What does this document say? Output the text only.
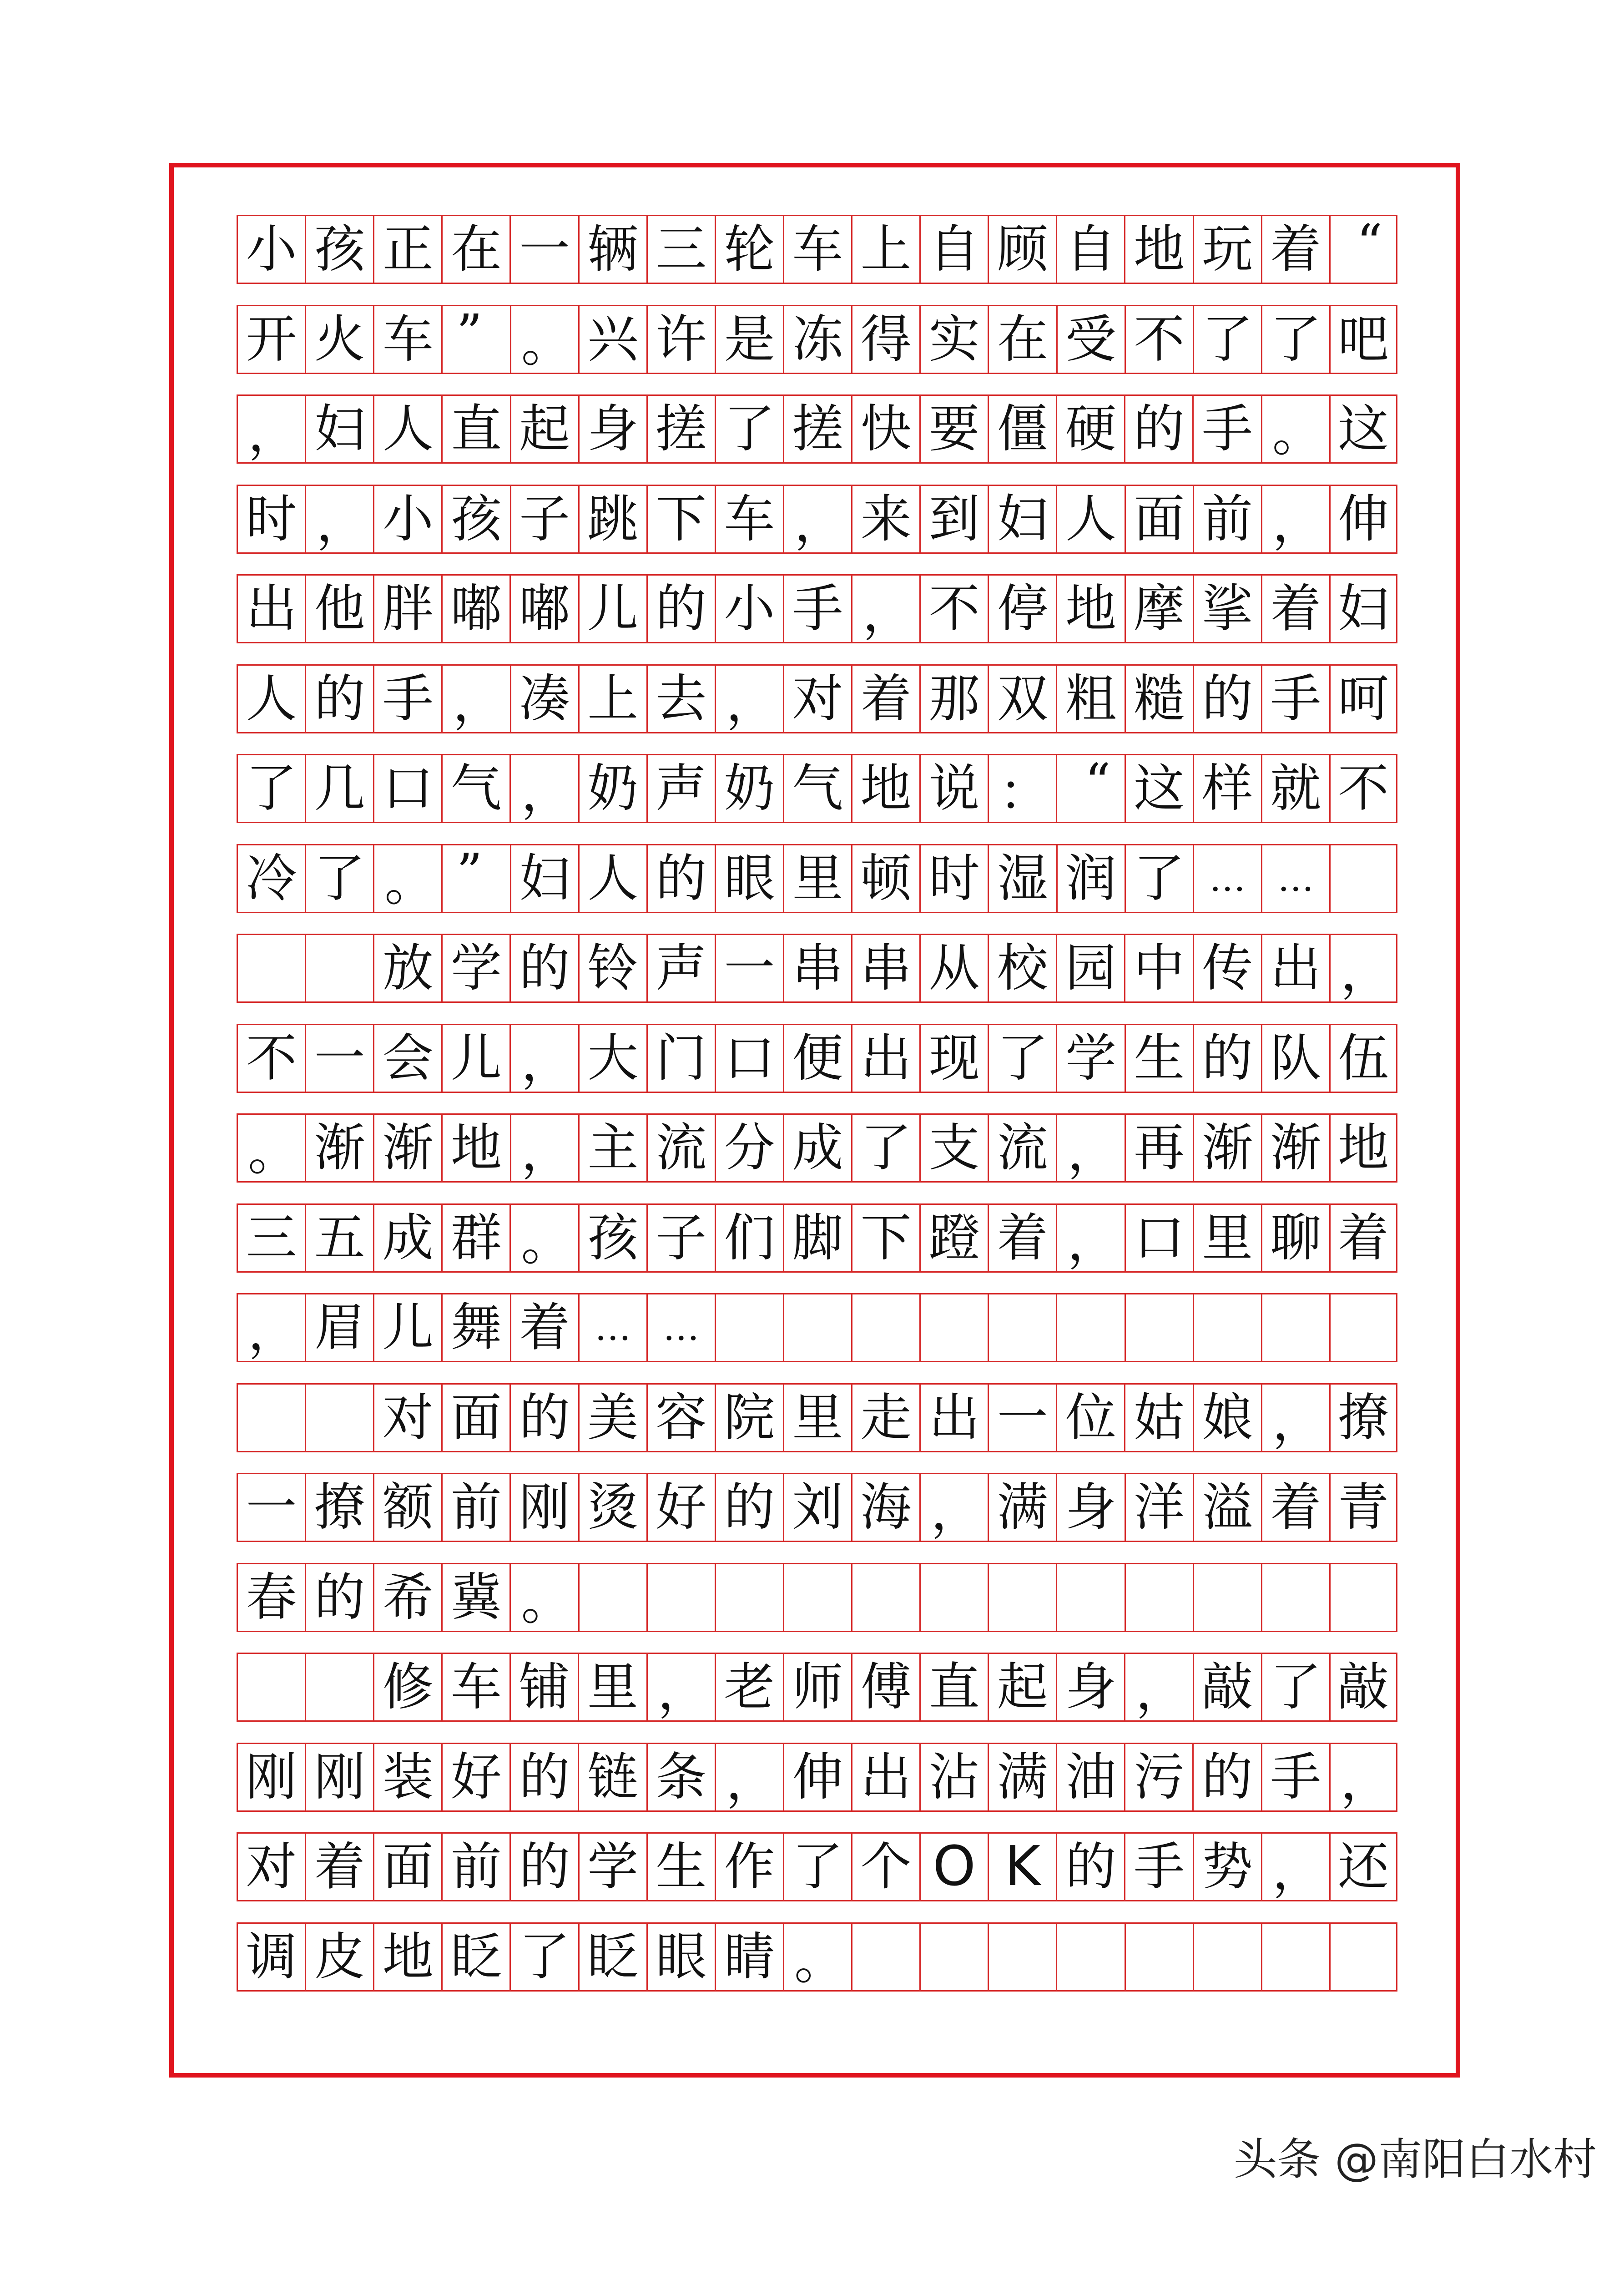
小 孩 正 在 一 辆 三 轮 车 上 自 顾 自 地 玩 着 “
开 火 车 ” 。 兴 许 是 冻 得 实 在 受 不 了 了 吧
， 妇 人 直 起 身 搓 了 搓 快 要 僵 硬 的 手 。 这
时 ， 小 孩 子 跳 下 车 ， 来 到 妇 人 面 前 ， 伸
出 他 胖 嘟 嘟 儿 的 小 手 ， 不 停 地 摩 挲 着 妇
人 的 手 ， 凑 上 去 ， 对 着 那 双 粗 糙 的 手 呵
了 几 口 气 ， 奶 声 奶 气 地 说 ： “ 这 样 就 不
冷 了 。 ” 妇 人 的 眼 里 顿 时 湿 润 了 … …
放 学 的 铃 声 一 串 串 从 校 园 中 传 出 ，
不 一 会 儿 ， 大 门 口 便 出 现 了 学 生 的 队 伍
。 渐 渐 地 ， 主 流 分 成 了 支 流 ， 再 渐 渐 地
三 五 成 群 。 孩 子 们 脚 下 蹬 着 ， 口 里 聊 着
， 眉 儿 舞 着 … …
对 面 的 美 容 院 里 走 出 一 位 姑 娘 ， 撩
一 撩 额 前 刚 烫 好 的 刘 海 ， 满 身 洋 溢 着 青
春 的 希 冀 。
修 车 铺 里 ， 老 师 傅 直 起 身 ， 敲 了 敲
刚 刚 装 好 的 链 条 ， 伸 出 沾 满 油 污 的 手 ，
对 着 面 前 的 学 生 作 了 个 O K 的 手 势 ， 还
调 皮 地 眨 了 眨 眼 睛 。
头条 @南阳白水村
